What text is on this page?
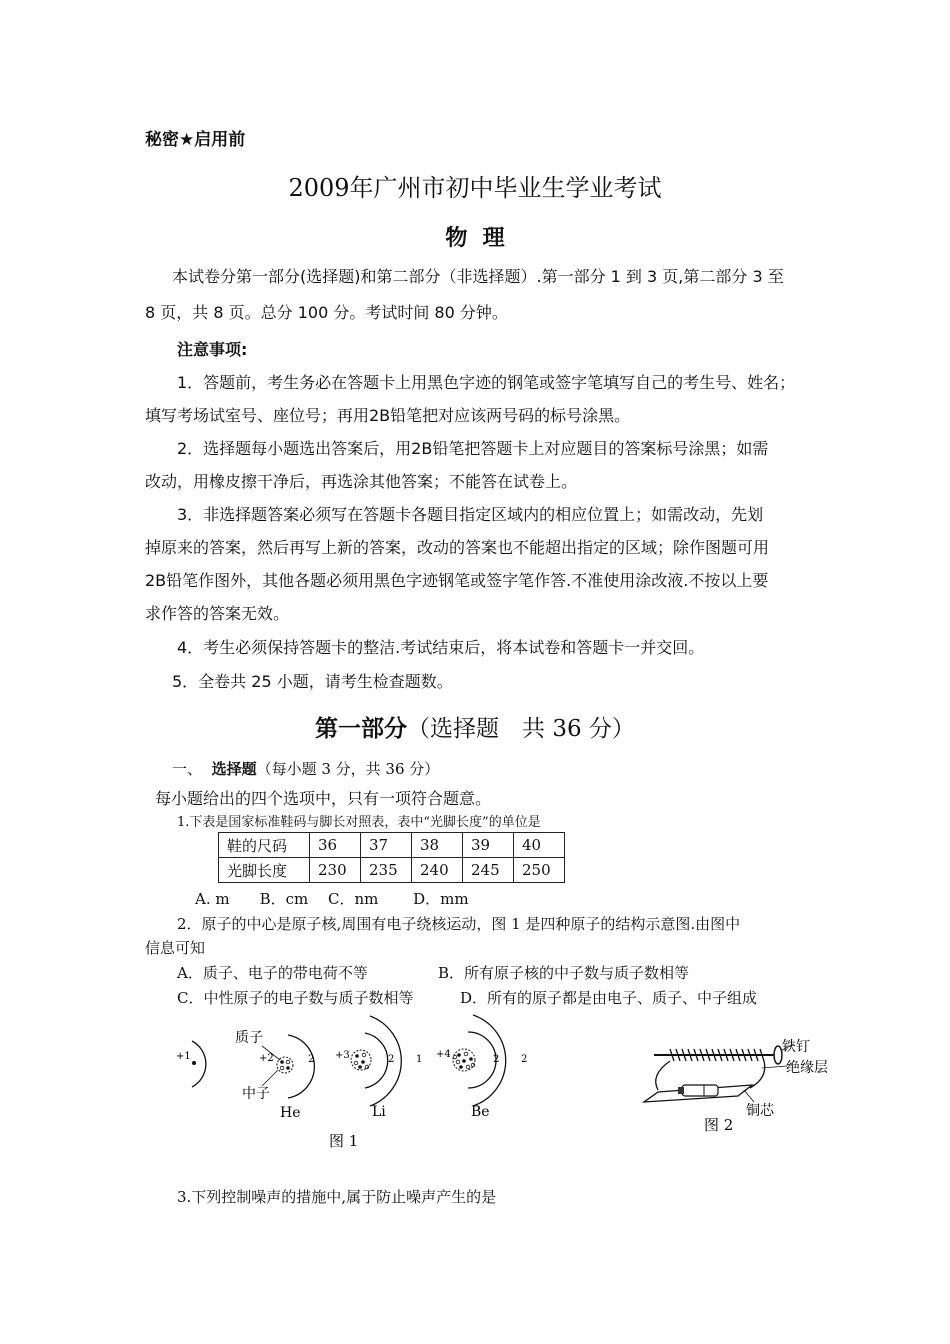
秘密★启用前
2009年广州市初中毕业生学业考试
物  理
本试卷分第一部分(选择题)和第二部分（非选择题）.第一部分 1 到 3 页,第二部分 3 至
8 页，共 8 页。总分 100 分。考试时间 80 分钟。
注意事项:
1．答题前，考生务必在答题卡上用黑色字迹的钢笔或签字笔填写自己的考生号、姓名；
填写考场试室号、座位号；再用2B铅笔把对应该两号码的标号涂黑。
2．选择题每小题选出答案后，用2B铅笔把答题卡上对应题目的答案标号涂黑；如需
改动，用橡皮擦干净后，再选涂其他答案；不能答在试卷上。
3．非选择题答案必须写在答题卡各题目指定区域内的相应位置上；如需改动，先划
掉原来的答案，然后再写上新的答案，改动的答案也不能超出指定的区域；除作图题可用
2B铅笔作图外，其他各题必须用黑色字迹钢笔或签字笔作答.不准使用涂改液.不按以上要
求作答的答案无效。
4．考生必须保持答题卡的整洁.考试结束后，将本试卷和答题卡一并交回。
5．全卷共 25 小题，请考生检查题数。
第一部分（选择题　共 36 分）
一、 选择题（每小题 3 分，共 36 分）
每小题给出的四个选项中，只有一项符合题意。
1.下表是国家标准鞋码与脚长对照表，表中“光脚长度”的单位是
鞋的尺码	36	37	38	39	40
光脚长度	230	235	240	245	250
A. m　　B．cm　 C．nm　　 D．mm
2．原子的中心是原子核,周围有电子绕核运动，图 1 是四种原子的结构示意图.由图中
信息可知
A．质子、电子的带电荷不等	B．所有原子核的中子数与质子数相等
C．中性原子的电子数与质子数相等	D．所有的原子都是由电子、质子、中子组成
+1
质子
+2
中子
2
He
+3	2 1
Li
+4	2 2
Be
图 1
铁钉
绝缘层
铜芯
图 2
3.下列控制噪声的措施中,属于防止噪声产生的是
